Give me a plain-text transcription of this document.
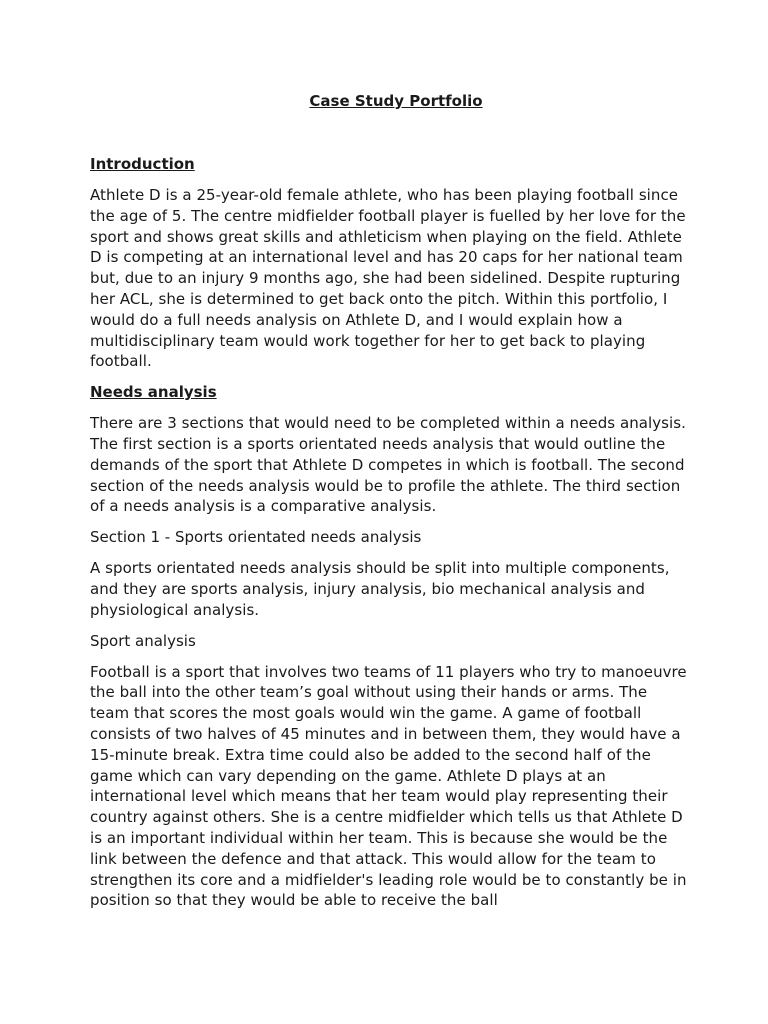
Case Study Portfolio

Introduction

Athlete D is a 25-year-old female athlete, who has been playing football since the age of 5. The centre midfielder football player is fuelled by her love for the sport and shows great skills and athleticism when playing on the field. Athlete D is competing at an international level and has 20 caps for her national team but, due to an injury 9 months ago, she had been sidelined. Despite rupturing her ACL, she is determined to get back onto the pitch. Within this portfolio, I would do a full needs analysis on Athlete D, and I would explain how a multidisciplinary team would work together for her to get back to playing football.

Needs analysis

There are 3 sections that would need to be completed within a needs analysis. The first section is a sports orientated needs analysis that would outline the demands of the sport that Athlete D competes in which is football. The second section of the needs analysis would be to profile the athlete. The third section of a needs analysis is a comparative analysis.

Section 1 - Sports orientated needs analysis

A sports orientated needs analysis should be split into multiple components, and they are sports analysis, injury analysis, bio mechanical analysis and physiological analysis.

Sport analysis

Football is a sport that involves two teams of 11 players who try to manoeuvre the ball into the other team’s goal without using their hands or arms. The team that scores the most goals would win the game. A game of football consists of two halves of 45 minutes and in between them, they would have a 15-minute break. Extra time could also be added to the second half of the game which can vary depending on the game. Athlete D plays at an international level which means that her team would play representing their country against others. She is a centre midfielder which tells us that Athlete D is an important individual within her team. This is because she would be the link between the defence and that attack. This would allow for the team to strengthen its core and a midfielder's leading role would be to constantly be in position so that they would be able to receive the ball
